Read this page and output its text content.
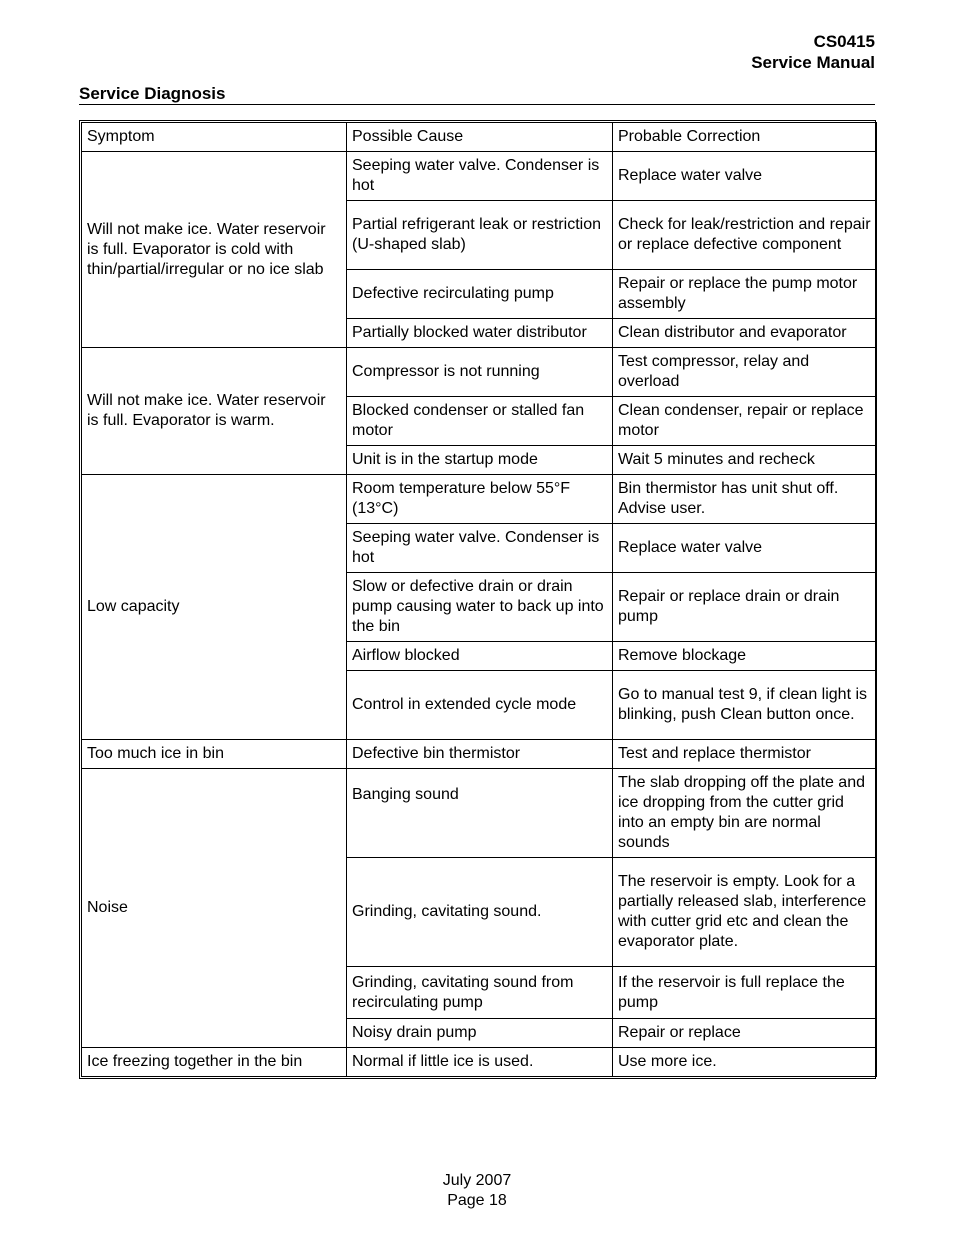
CS0415
Service Manual
Service Diagnosis
Symptom	Possible Cause	Probable Correction
Will not make ice. Water reservoir is full. Evaporator is cold with thin/partial/irregular or no ice slab	Seeping water valve. Condenser is hot	Replace water valve
	Partial refrigerant leak or restriction (U-shaped slab)	Check for leak/restriction and repair or replace defective component
	Defective recirculating pump	Repair or replace the pump motor assembly
	Partially blocked water distributor	Clean distributor and evaporator
Will not make ice. Water reservoir is full. Evaporator is warm.	Compressor is not running	Test compressor, relay and overload
	Blocked condenser or stalled fan motor	Clean condenser, repair or replace motor
	Unit is in the startup mode	Wait 5 minutes and recheck
Low capacity	Room temperature below 55°F (13°C)	Bin thermistor has unit shut off. Advise user.
	Seeping water valve. Condenser is hot	Replace water valve
	Slow or defective drain or drain pump causing water to back up into the bin	Repair or replace drain or drain pump
	Airflow blocked	Remove blockage
	Control in extended cycle mode	Go to manual test 9, if clean light is blinking, push Clean button once.
Too much ice in bin	Defective bin thermistor	Test and replace thermistor
Noise	Banging sound	The slab dropping off the plate and ice dropping from the cutter grid into an empty bin are normal sounds
	Grinding, cavitating sound.	The reservoir is empty. Look for a partially released slab, interference with cutter grid etc and clean the evaporator plate.
	Grinding, cavitating sound from recirculating pump	If the reservoir is full replace the pump
	Noisy drain pump	Repair or replace
Ice freezing together in the bin	Normal if little ice is used.	Use more ice.
July 2007
Page 18
